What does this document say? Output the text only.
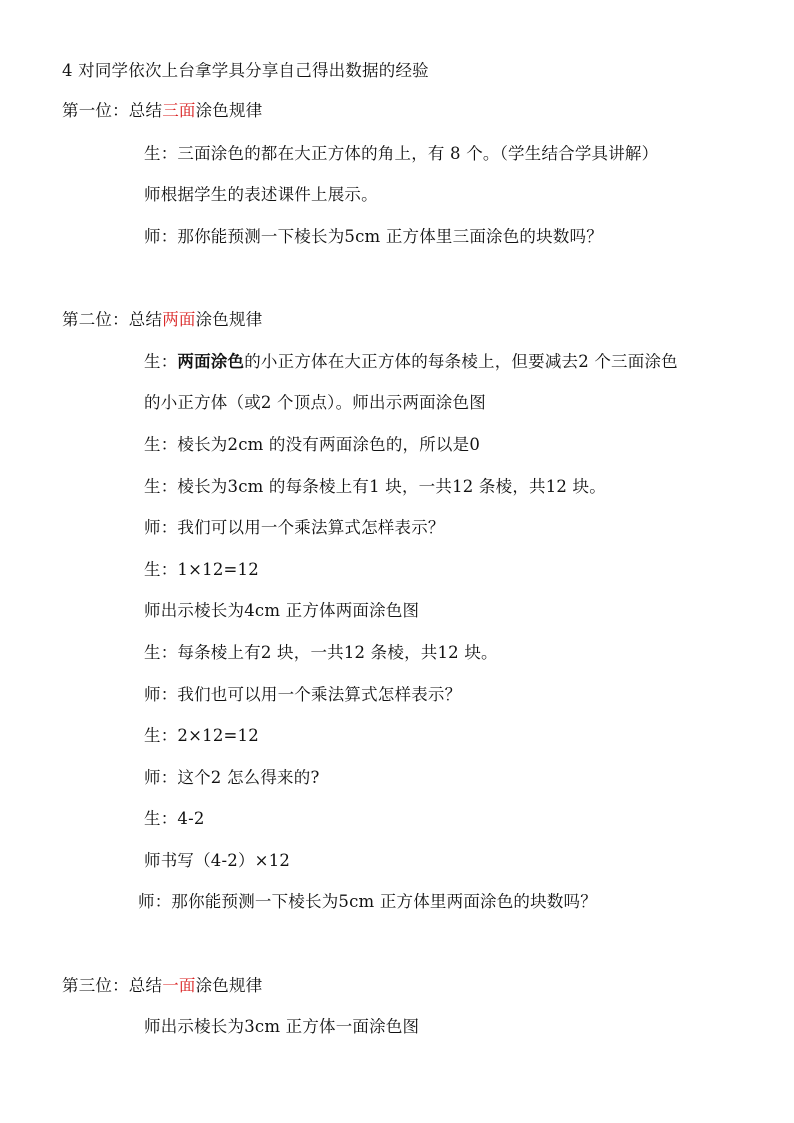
4 对同学依次上台拿学具分享自己得出数据的经验
第一位：总结三面涂色规律
生：三面涂色的都在大正方体的角上，有 8 个。（学生结合学具讲解）
师根据学生的表述课件上展示。
师：那你能预测一下棱长为5cm 正方体里三面涂色的块数吗？
第二位：总结两面涂色规律
生：两面涂色的小正方体在大正方体的每条棱上，但要减去2 个三面涂色
的小正方体（或2 个顶点）。师出示两面涂色图
生：棱长为2cm 的没有两面涂色的，所以是0
生：棱长为3cm 的每条棱上有1 块，一共12 条棱，共12 块。
师：我们可以用一个乘法算式怎样表示？
生：1×12=12
师出示棱长为4cm 正方体两面涂色图
生：每条棱上有2 块，一共12 条棱，共12 块。
师：我们也可以用一个乘法算式怎样表示？
生：2×12=12
师：这个2 怎么得来的?
生：4-2
师书写（4-2）×12
师：那你能预测一下棱长为5cm 正方体里两面涂色的块数吗？
第三位：总结一面涂色规律
师出示棱长为3cm 正方体一面涂色图
